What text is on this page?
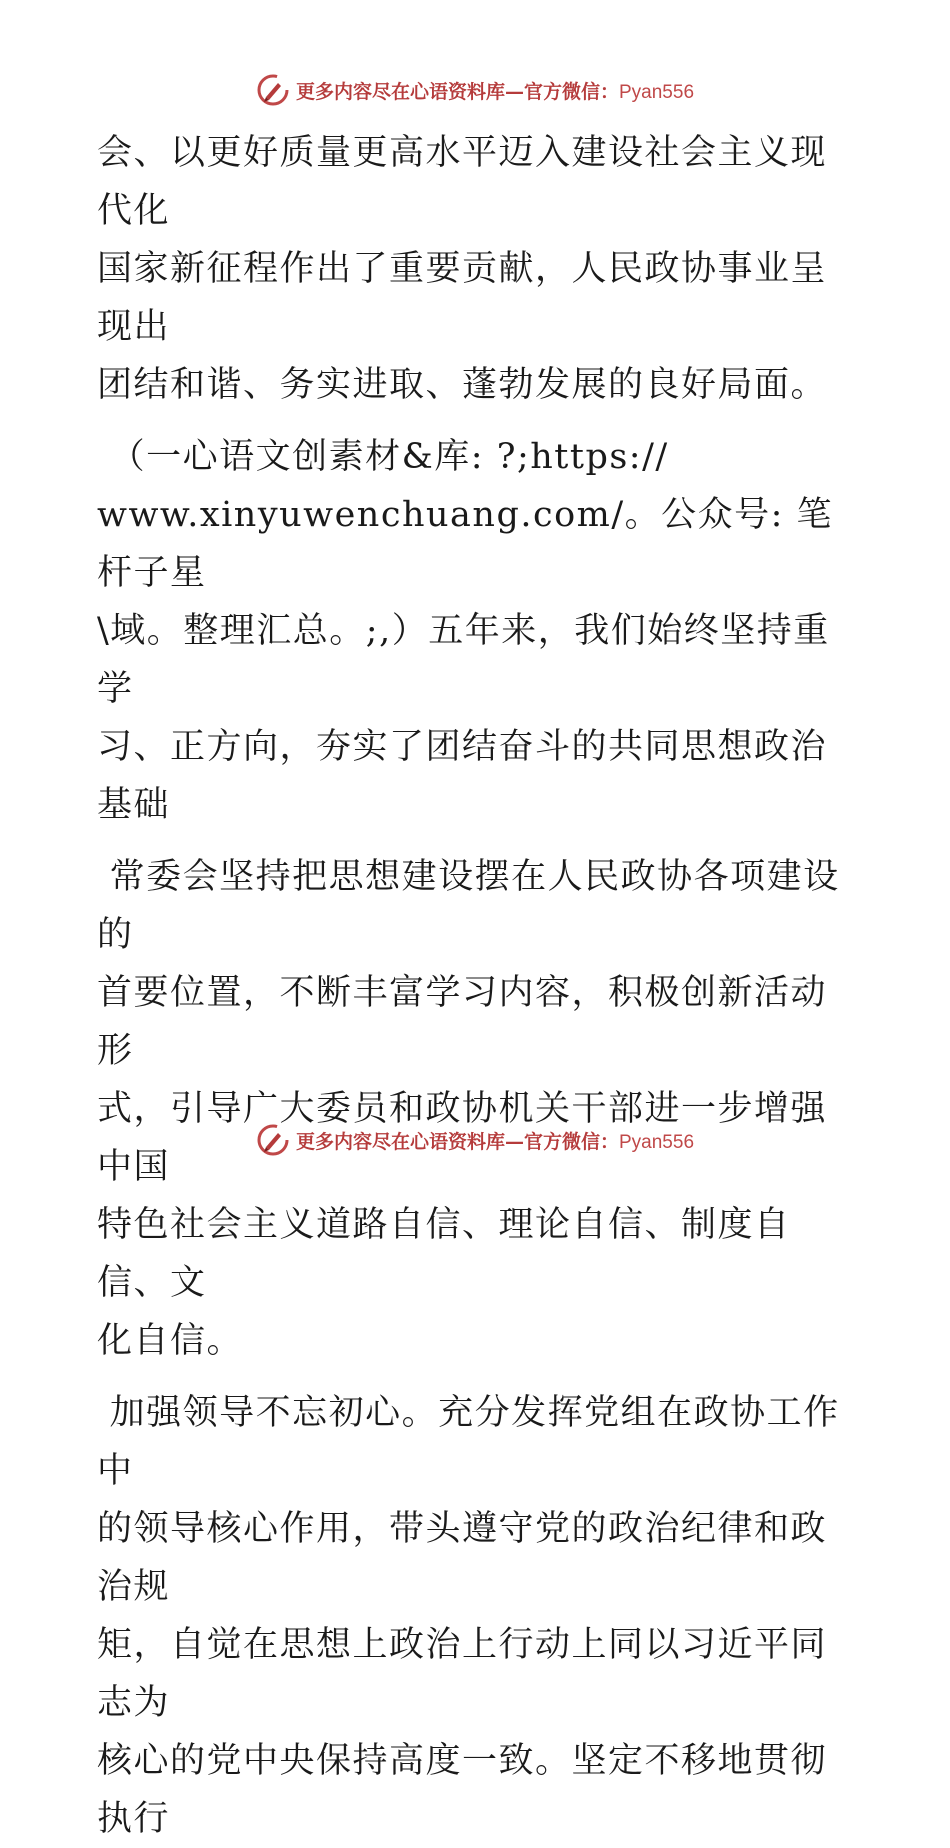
更多内容尽在心语资料库—官方微信：Pyan556

会、以更好质量更高水平迈入建设社会主义现代化

国家新征程作出了重要贡献，人民政协事业呈现出

团结和谐、务实进取、蓬勃发展的良好局面。

（一心语文创素材&库: ?;https://

www.xinyuwenchuang.com/。公众号: 笔杆子星

\域。整理汇总。;,）五年来，我们始终坚持重学

习、正方向，夯实了团结奋斗的共同思想政治基础

常委会坚持把思想建设摆在人民政协各项建设的

首要位置，不断丰富学习内容，积极创新活动形

式，引导广大委员和政协机关干部进一步增强中国

特色社会主义道路自信、理论自信、制度自信、文

化自信。

加强领导不忘初心。充分发挥党组在政协工作中

的领导核心作用，带头遵守党的政治纪律和政治规

矩，自觉在思想上政治上行动上同以习近平同志为

核心的党中央保持高度一致。坚定不移地贯彻执行

更多内容尽在心语资料库—官方微信：Pyan556
